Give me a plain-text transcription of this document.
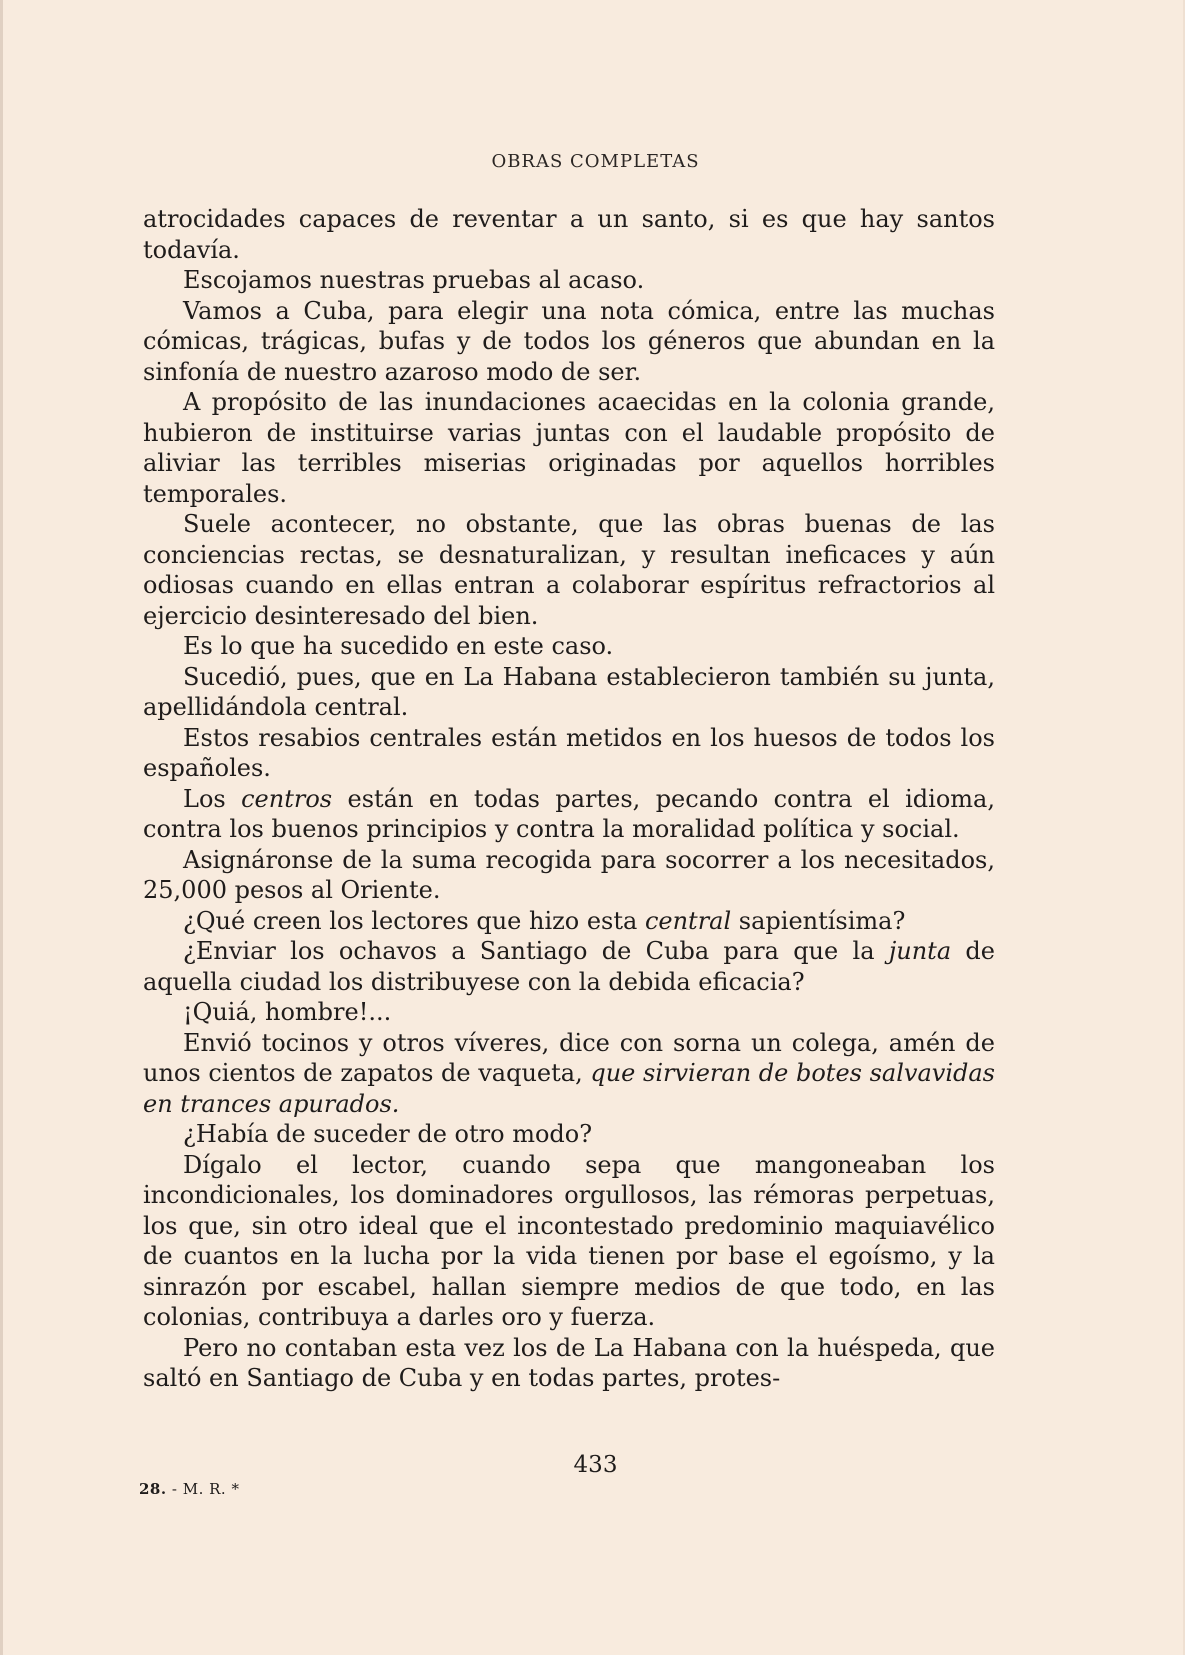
OBRAS COMPLETAS

atrocidades capaces de reventar a un santo, si es que hay santos todavía.

Escojamos nuestras pruebas al acaso.

Vamos a Cuba, para elegir una nota cómica, entre las muchas cómicas, trágicas, bufas y de todos los géneros que abundan en la sinfonía de nuestro azaroso modo de ser.

A propósito de las inundaciones acaecidas en la colonia grande, hubieron de instituirse varias juntas con el laudable propósito de aliviar las terribles miserias originadas por aquellos horribles temporales.

Suele acontecer, no obstante, que las obras buenas de las conciencias rectas, se desnaturalizan, y resultan ineficaces y aún odiosas cuando en ellas entran a colaborar espíritus refractorios al ejercicio desinteresado del bien.

Es lo que ha sucedido en este caso.

Sucedió, pues, que en La Habana establecieron también su junta, apellidándola central.

Estos resabios centrales están metidos en los huesos de todos los españoles.

Los centros están en todas partes, pecando contra el idioma, contra los buenos principios y contra la moralidad política y social.

Asignáronse de la suma recogida para socorrer a los necesitados, 25,000 pesos al Oriente.

¿Qué creen los lectores que hizo esta central sapientísima?

¿Enviar los ochavos a Santiago de Cuba para que la junta de aquella ciudad los distribuyese con la debida eficacia?

¡Quiá, hombre!...

Envió tocinos y otros víveres, dice con sorna un colega, amén de unos cientos de zapatos de vaqueta, que sirvieran de botes salvavidas en trances apurados.

¿Había de suceder de otro modo?

Dígalo el lector, cuando sepa que mangoneaban los incondicionales, los dominadores orgullosos, las rémoras perpetuas, los que, sin otro ideal que el incontestado predominio maquiavélico de cuantos en la lucha por la vida tienen por base el egoísmo, y la sinrazón por escabel, hallan siempre medios de que todo, en las colonias, contribuya a darles oro y fuerza.

Pero no contaban esta vez los de La Habana con la huéspeda, que saltó en Santiago de Cuba y en todas partes, protes-

433
28. - M. R. *
